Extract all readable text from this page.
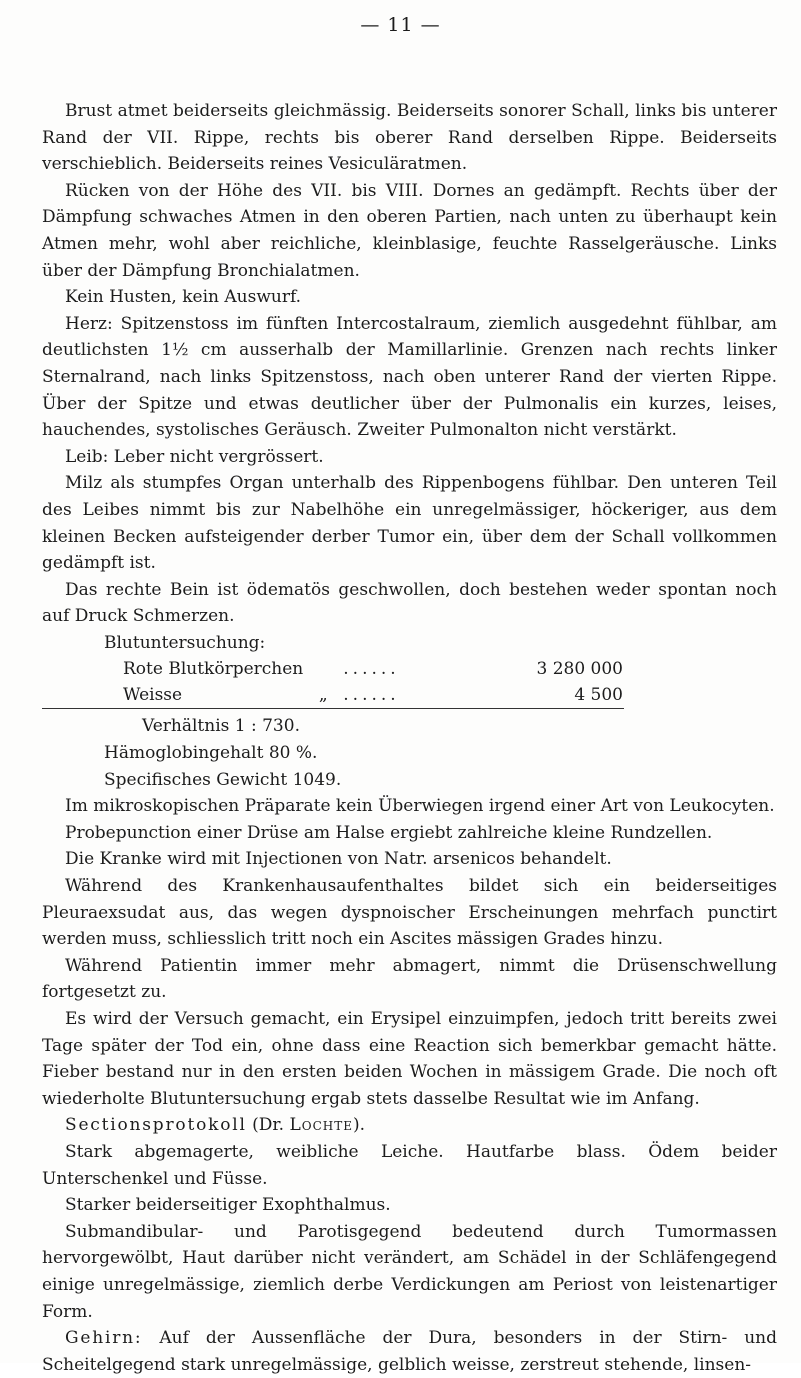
— 11 —

Brust atmet beiderseits gleichmässig. Beiderseits sonorer Schall, links bis unterer Rand der VII. Rippe, rechts bis oberer Rand derselben Rippe. Beiderseits verschieblich. Beiderseits reines Vesiculäratmen.

Rücken von der Höhe des VII. bis VIII. Dornes an gedämpft. Rechts über der Dämpfung schwaches Atmen in den oberen Partien, nach unten zu überhaupt kein Atmen mehr, wohl aber reichliche, kleinblasige, feuchte Rasselgeräusche. Links über der Dämpfung Bronchialatmen.

Kein Husten, kein Auswurf.

Herz: Spitzenstoss im fünften Intercostalraum, ziemlich ausgedehnt fühlbar, am deutlichsten 1½ cm ausserhalb der Mamillarlinie. Grenzen nach rechts linker Sternalrand, nach links Spitzenstoss, nach oben unterer Rand der vierten Rippe. Über der Spitze und etwas deutlicher über der Pulmonalis ein kurzes, leises, hauchendes, systolisches Geräusch. Zweiter Pulmonalton nicht verstärkt.

Leib: Leber nicht vergrössert.

Milz als stumpfes Organ unterhalb des Rippenbogens fühlbar. Den unteren Teil des Leibes nimmt bis zur Nabelhöhe ein unregelmässiger, höckeriger, aus dem kleinen Becken aufsteigender derber Tumor ein, über dem der Schall vollkommen gedämpft ist.

Das rechte Bein ist ödematös geschwollen, doch bestehen weder spontan noch auf Druck Schmerzen.

Blutuntersuchung:

Rote Blutkörperchen		......	3 280 000
Weisse	„	......	4 500

Verhältnis 1 : 730.

Hämoglobingehalt 80 %.

Specifisches Gewicht 1049.

Im mikroskopischen Präparate kein Überwiegen irgend einer Art von Leukocyten.

Probepunction einer Drüse am Halse ergiebt zahlreiche kleine Rundzellen.

Die Kranke wird mit Injectionen von Natr. arsenicos behandelt.

Während des Krankenhausaufenthaltes bildet sich ein beiderseitiges Pleuraexsudat aus, das wegen dyspnoischer Erscheinungen mehrfach punctirt werden muss, schliesslich tritt noch ein Ascites mässigen Grades hinzu.

Während Patientin immer mehr abmagert, nimmt die Drüsenschwellung fortgesetzt zu.

Es wird der Versuch gemacht, ein Erysipel einzuimpfen, jedoch tritt bereits zwei Tage später der Tod ein, ohne dass eine Reaction sich bemerkbar gemacht hätte. Fieber bestand nur in den ersten beiden Wochen in mässigem Grade. Die noch oft wiederholte Blutuntersuchung ergab stets dasselbe Resultat wie im Anfang.

Sectionsprotokoll (Dr. Lochte).

Stark abgemagerte, weibliche Leiche. Hautfarbe blass. Ödem beider Unterschenkel und Füsse.

Starker beiderseitiger Exophthalmus.

Submandibular- und Parotisgegend bedeutend durch Tumormassen hervorgewölbt, Haut darüber nicht verändert, am Schädel in der Schläfengegend einige unregelmässige, ziemlich derbe Verdickungen am Periost von leistenartiger Form.

Gehirn: Auf der Aussenfläche der Dura, besonders in der Stirn- und Scheitelgegend stark unregelmässige, gelblich weisse, zerstreut stehende, linsen-
